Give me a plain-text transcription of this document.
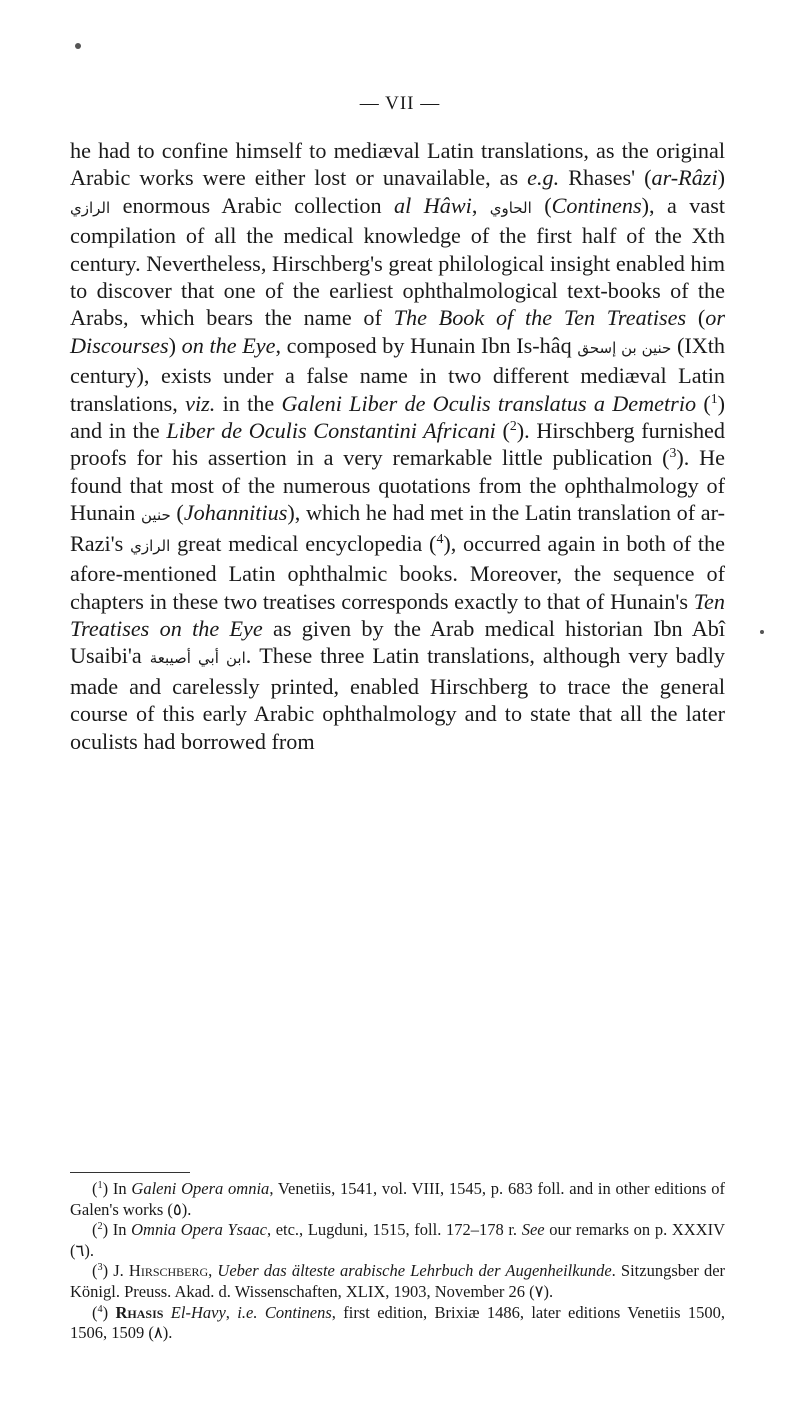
— VII —

he had to confine himself to mediæval Latin translations, as the original Arabic works were either lost or unavailable, as e.g. Rhases' (ar-Râzi) الرازي enormous Arabic collection al Hâwi, الحاوي (Continens), a vast compilation of all the medical knowledge of the first half of the Xth century. Nevertheless, Hirschberg's great philological insight enabled him to discover that one of the earliest ophthalmological text-books of the Arabs, which bears the name of The Book of the Ten Treatises (or Discourses) on the Eye, composed by Hunain Ibn Is-hâq حنين بن إسحق (IXth century), exists under a false name in two different mediæval Latin translations, viz. in the Galeni Liber de Oculis translatus a Demetrio ($^1$) and in the Liber de Oculis Constantini Africani ($^2$). Hirschberg furnished proofs for his assertion in a very remarkable little publication ($^3$). He found that most of the numerous quotations from the ophthalmology of Hunain حنين (Johannitius), which he had met in the Latin translation of ar-Razi's الرازي great medical encyclopedia ($^4$), occurred again in both of the afore-mentioned Latin ophthalmic books. Moreover, the sequence of chapters in these two treatises corresponds exactly to that of Hunain's Ten Treatises on the Eye as given by the Arab medical historian Ibn Abî Usaibi'a ابن أبي أصيبعة. These three Latin translations, although very badly made and carelessly printed, enabled Hirschberg to trace the general course of this early Arabic ophthalmology and to state that all the later oculists had borrowed from

($^1$) In Galeni Opera omnia, Venetiis, 1541, vol. VIII, 1545, p. 683 foll. and in other editions of Galen's works (٥).

($^2$) In Omnia Opera Ysaac, etc., Lugduni, 1515, foll. 172–178 r. See our remarks on p. XXXIV (٦).

($^3$) J. Hirschberg, Ueber das älteste arabische Lehrbuch der Augenheilkunde. Sitzungsber der Königl. Preuss. Akad. d. Wissenschaften, XLIX, 1903, November 26 (٧).

($^4$) Rhasis El-Havy, i.e. Continens, first edition, Brixiæ 1486, later editions Venetiis 1500, 1506, 1509 (٨).
